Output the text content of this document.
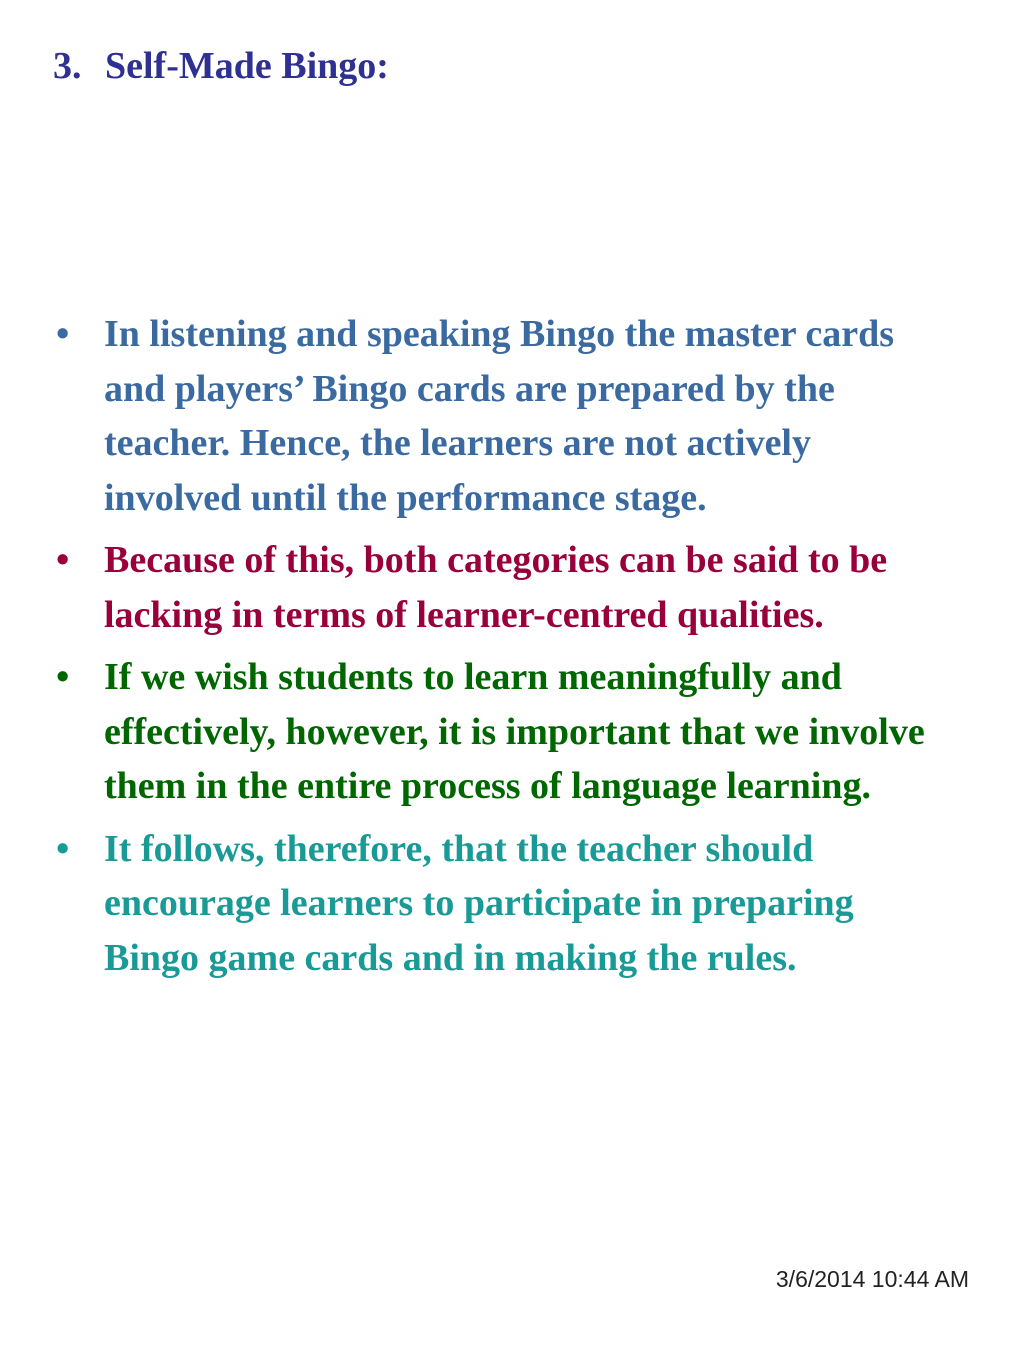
3. Self-Made Bingo:
• In listening and speaking Bingo the master cards and players’ Bingo cards are prepared by the teacher. Hence, the learners are not actively involved until the performance stage.
• Because of this, both categories can be said to be lacking in terms of learner-centred qualities.
• If we wish students to learn meaningfully and effectively, however, it is important that we involve them in the entire process of language learning.
• It follows, therefore, that the teacher should encourage learners to participate in preparing Bingo game cards and in making the rules.
3/6/2014 10:44 AM
